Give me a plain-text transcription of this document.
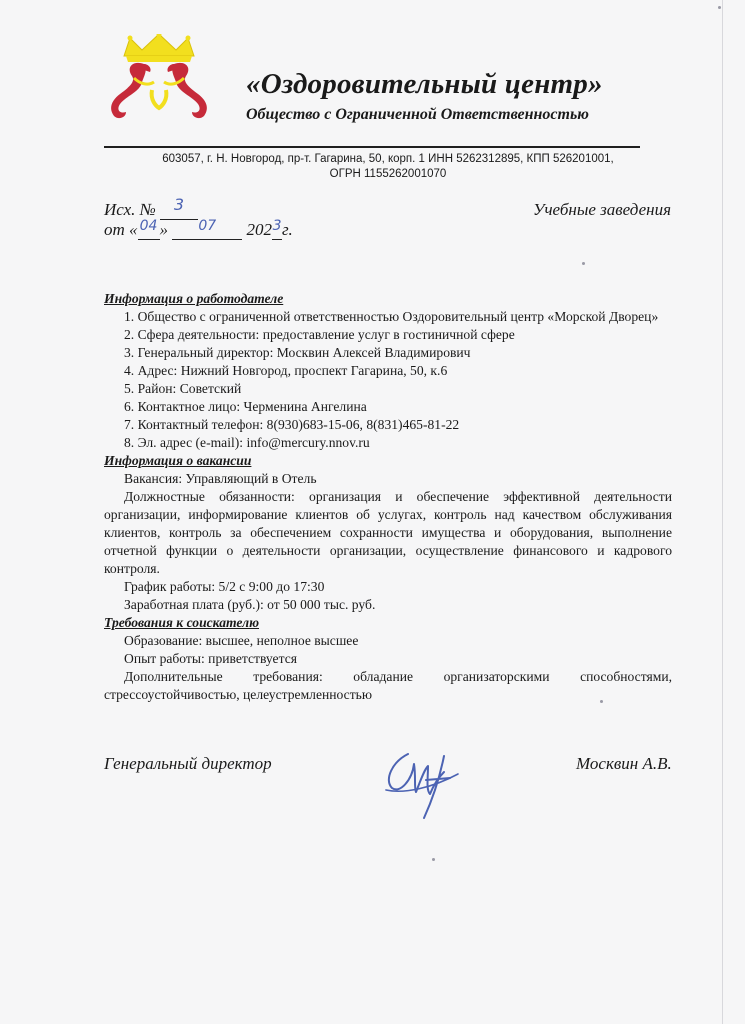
«Оздоровительный центр»
Общество с Ограниченной Ответственностью
603057, г. Н. Новгород, пр-т. Гагарина, 50, корп. 1 ИНН 5262312895, КПП 526201001,
ОГРН 1155262001070
Исх. № 3
от « $^{04}$ » $^{07}$ $202^3г$.
Учебные заведения

Информация о работодателе

1. Общество с ограниченной ответственностью Оздоровительный центр «Морской Дворец»

2. Сфера деятельности: предоставление услуг в гостиничной сфере

3. Генеральный директор: Москвин Алексей Владимирович

4. Адрес: Нижний Новгород, проспект Гагарина, 50, к.6

5. Район: Советский

6. Контактное лицо: Черменина Ангелина

7. Контактный телефон: 8(930)683-15-06, 8(831)465-81-22

8. Эл. адрес (e-mail): info@mercury.nnov.ru

Информация о вакансии

Вакансия: Управляющий в Отель

Должностные обязанности: организация и обеспечение эффективной деятельности организации, информирование клиентов об услугах, контроль над качеством обслуживания клиентов, контроль за обеспечением сохранности имущества и оборудования, выполнение отчетной функции о деятельности организации, осуществление финансового и кадрового контроля.

График работы: 5/2 с 9:00 до 17:30

Заработная плата (руб.): от 50 000 тыс. руб.

Требования к соискателю

Образование: высшее, неполное высшее

Опыт работы: приветствуется

Дополнительные требования: обладание организаторскими способностями, стрессоустойчивостью, целеустремленностью

Генеральный директор	Москвин А.В.
